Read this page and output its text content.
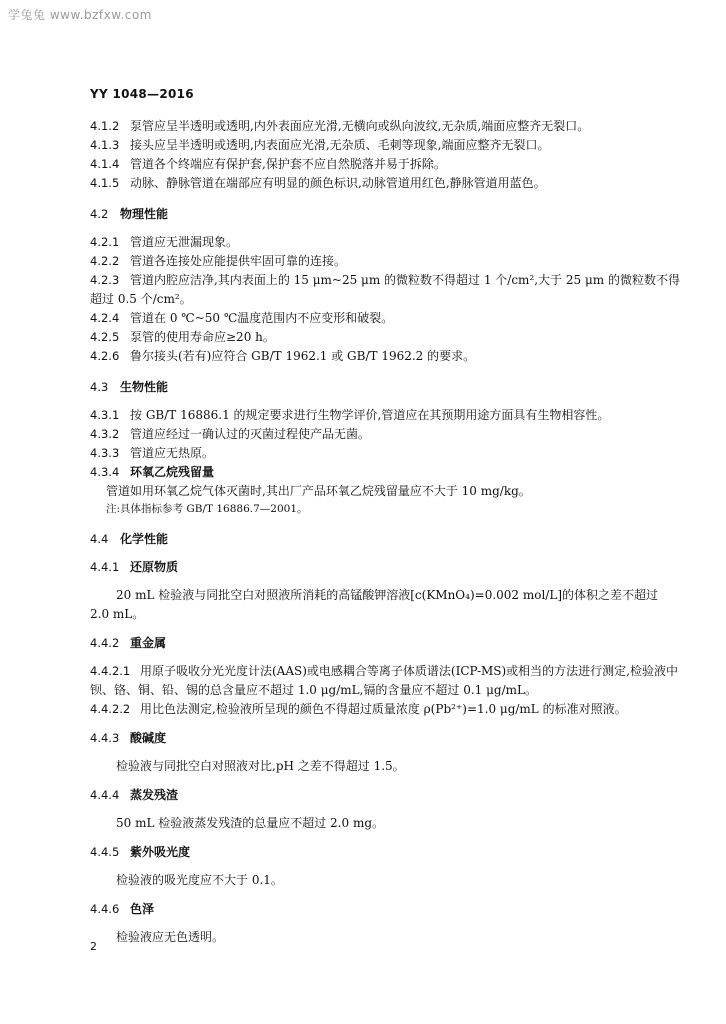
学兔兔 www.bzfxw.com
YY 1048—2016
4.1.2 泵管应呈半透明或透明,内外表面应光滑,无横向或纵向波纹,无杂质,端面应整齐无裂口。
4.1.3 接头应呈半透明或透明,内表面应光滑,无杂质、毛刺等现象,端面应整齐无裂口。
4.1.4 管道各个终端应有保护套,保护套不应自然脱落并易于拆除。
4.1.5 动脉、静脉管道在端部应有明显的颜色标识,动脉管道用红色,静脉管道用蓝色。
4.2 物理性能
4.2.1 管道应无泄漏现象。
4.2.2 管道各连接处应能提供牢固可靠的连接。
4.2.3 管道内腔应洁净,其内表面上的 15 μm~25 μm 的微粒数不得超过 1 个/cm²,大于 25 μm 的微粒数不得超过 0.5 个/cm²。
4.2.4 管道在 0 ℃~50 ℃温度范围内不应变形和破裂。
4.2.5 泵管的使用寿命应≥20 h。
4.2.6 鲁尔接头(若有)应符合 GB/T 1962.1 或 GB/T 1962.2 的要求。
4.3 生物性能
4.3.1 按 GB/T 16886.1 的规定要求进行生物学评价,管道应在其预期用途方面具有生物相容性。
4.3.2 管道应经过一确认过的灭菌过程使产品无菌。
4.3.3 管道应无热原。
4.3.4 环氧乙烷残留量
管道如用环氧乙烷气体灭菌时,其出厂产品环氧乙烷残留量应不大于 10 mg/kg。
注:具体指标参考 GB/T 16886.7—2001。
4.4 化学性能
4.4.1 还原物质
20 mL 检验液与同批空白对照液所消耗的高锰酸钾溶液[c(KMnO₄)=0.002 mol/L]的体积之差不超过 2.0 mL。
4.4.2 重金属
4.4.2.1 用原子吸收分光光度计法(AAS)或电感耦合等离子体质谱法(ICP-MS)或相当的方法进行测定,检验液中钡、铬、铜、铅、锡的总含量应不超过 1.0 μg/mL,镉的含量应不超过 0.1 μg/mL。
4.4.2.2 用比色法测定,检验液所呈现的颜色不得超过质量浓度 ρ(Pb²⁺)=1.0 μg/mL 的标准对照液。
4.4.3 酸碱度
检验液与同批空白对照液对比,pH 之差不得超过 1.5。
4.4.4 蒸发残渣
50 mL 检验液蒸发残渣的总量应不超过 2.0 mg。
4.4.5 紫外吸光度
检验液的吸光度应不大于 0.1。
4.4.6 色泽
检验液应无色透明。
2
